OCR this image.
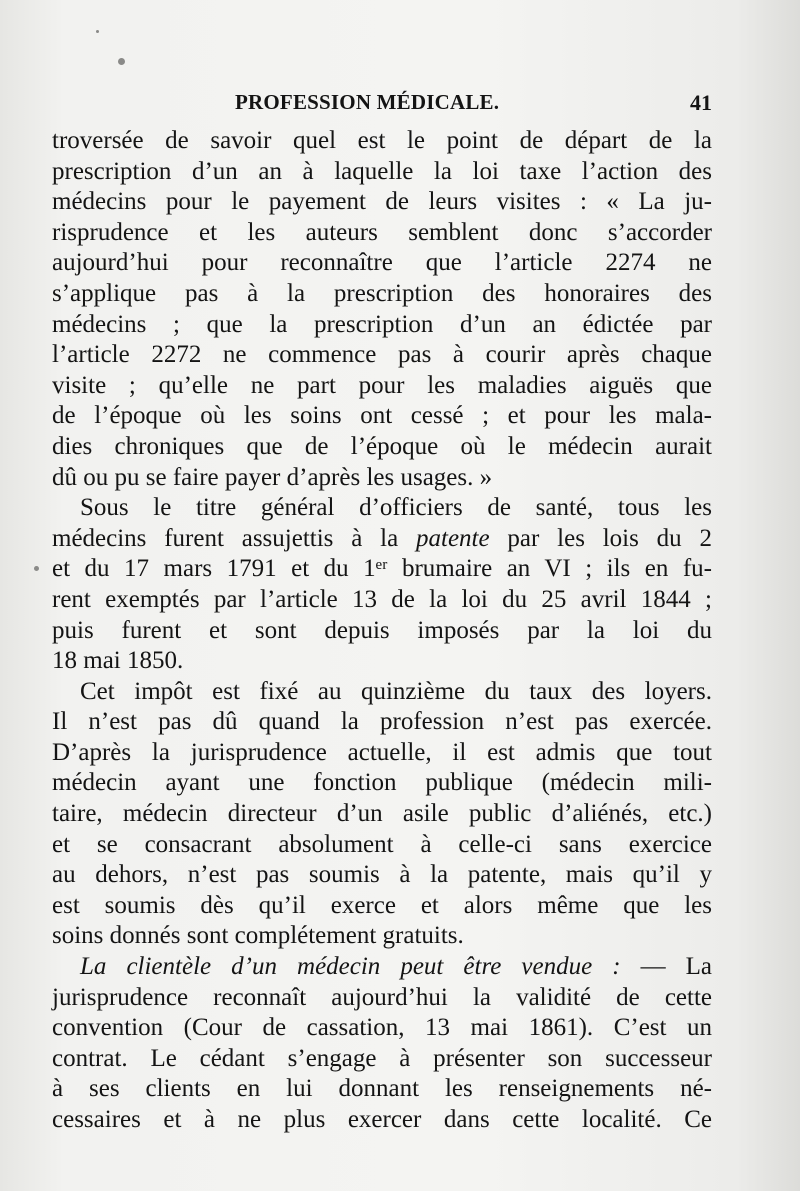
PROFESSION MÉDICALE.	41
troversée de savoir quel est le point de départ de la
prescription d’un an à laquelle la loi taxe l’action des
médecins pour le payement de leurs visites : « La ju-
risprudence et les auteurs semblent donc s’accorder
aujourd’hui pour reconnaître que l’article 2274 ne
s’applique pas à la prescription des honoraires des
médecins ; que la prescription d’un an édictée par
l’article 2272 ne commence pas à courir après chaque
visite ; qu’elle ne part pour les maladies aiguës que
de l’époque où les soins ont cessé ; et pour les mala-
dies chroniques que de l’époque où le médecin aurait
dû ou pu se faire payer d’après les usages. »
Sous le titre général d’officiers de santé, tous les
médecins furent assujettis à la patente par les lois du 2
et du 17 mars 1791 et du 1ᵉʳ brumaire an VI ; ils en fu-
rent exemptés par l’article 13 de la loi du 25 avril 1844 ;
puis furent et sont depuis imposés par la loi du
18 mai 1850.
Cet impôt est fixé au quinzième du taux des loyers.
Il n’est pas dû quand la profession n’est pas exercée.
D’après la jurisprudence actuelle, il est admis que tout
médecin ayant une fonction publique (médecin mili-
taire, médecin directeur d’un asile public d’aliénés, etc.)
et se consacrant absolument à celle-ci sans exercice
au dehors, n’est pas soumis à la patente, mais qu’il y
est soumis dès qu’il exerce et alors même que les
soins donnés sont complétement gratuits.
La clientèle d’un médecin peut être vendue : — La
jurisprudence reconnaît aujourd’hui la validité de cette
convention (Cour de cassation, 13 mai 1861). C’est un
contrat. Le cédant s’engage à présenter son successeur
à ses clients en lui donnant les renseignements né-
cessaires et à ne plus exercer dans cette localité. Ce
